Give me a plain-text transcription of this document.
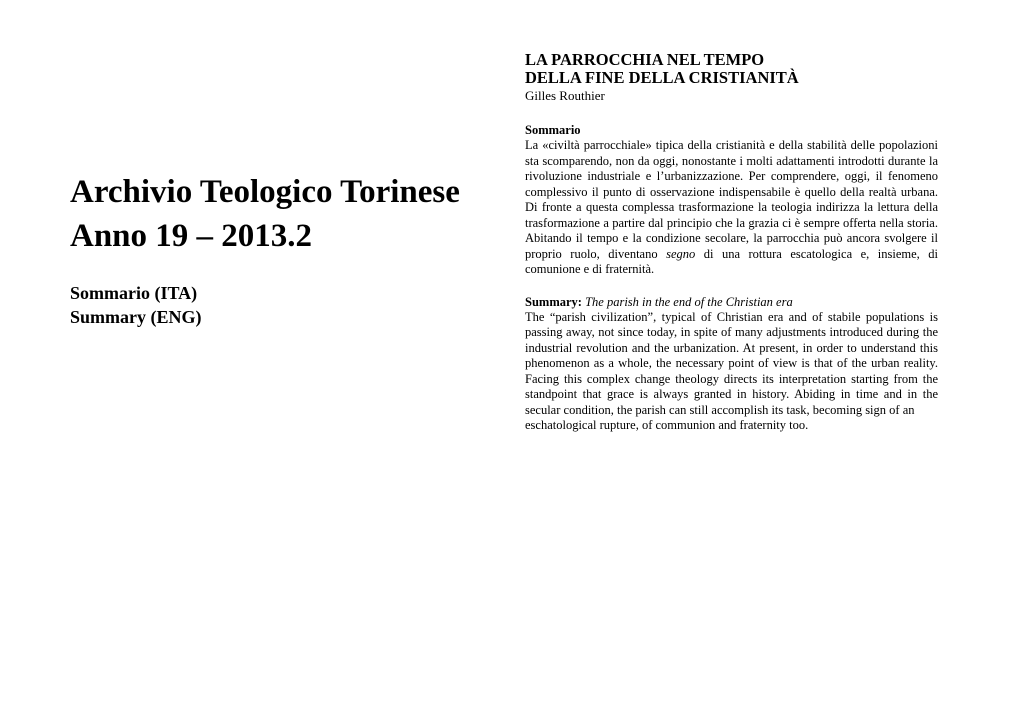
Archivio Teologico Torinese
Anno 19 – 2013.2
Sommario (ITA)
Summary (ENG)
LA PARROCCHIA NEL TEMPO
DELLA FINE DELLA CRISTIANITÀ
Gilles Routhier
Sommario

La «civiltà parrocchiale» tipica della cristianità e della stabilità delle popolazioni sta scomparendo, non da oggi, nonostante i molti adattamenti introdotti durante la rivoluzione industriale e l’urbanizzazione. Per comprendere, oggi, il fenomeno complessivo il punto di osservazione indispensabile è quello della realtà urbana. Di fronte a questa complessa trasformazione la teologia indirizza la lettura della trasformazione a partire dal principio che la grazia ci è sempre offerta nella storia. Abitando il tempo e la condizione secolare, la parrocchia può ancora svolgere il proprio ruolo, diventano segno di una rottura escatologica e, insieme, di comunione e di fraternità.

Summary: The parish in the end of the Christian era

The “parish civilization”, typical of Christian era and of stabile populations is passing away, not since today, in spite of many adjustments introduced during the industrial revolution and the urbanization. At present, in order to understand this phenomenon as a whole, the necessary point of view is that of the urban reality. Facing this complex change theology directs its interpretation starting from the standpoint that grace is always granted in history. Abiding in time and in the secular condition, the parish can still accomplish its task, becoming sign of an

eschatological rupture, of communion and fraternity too.
